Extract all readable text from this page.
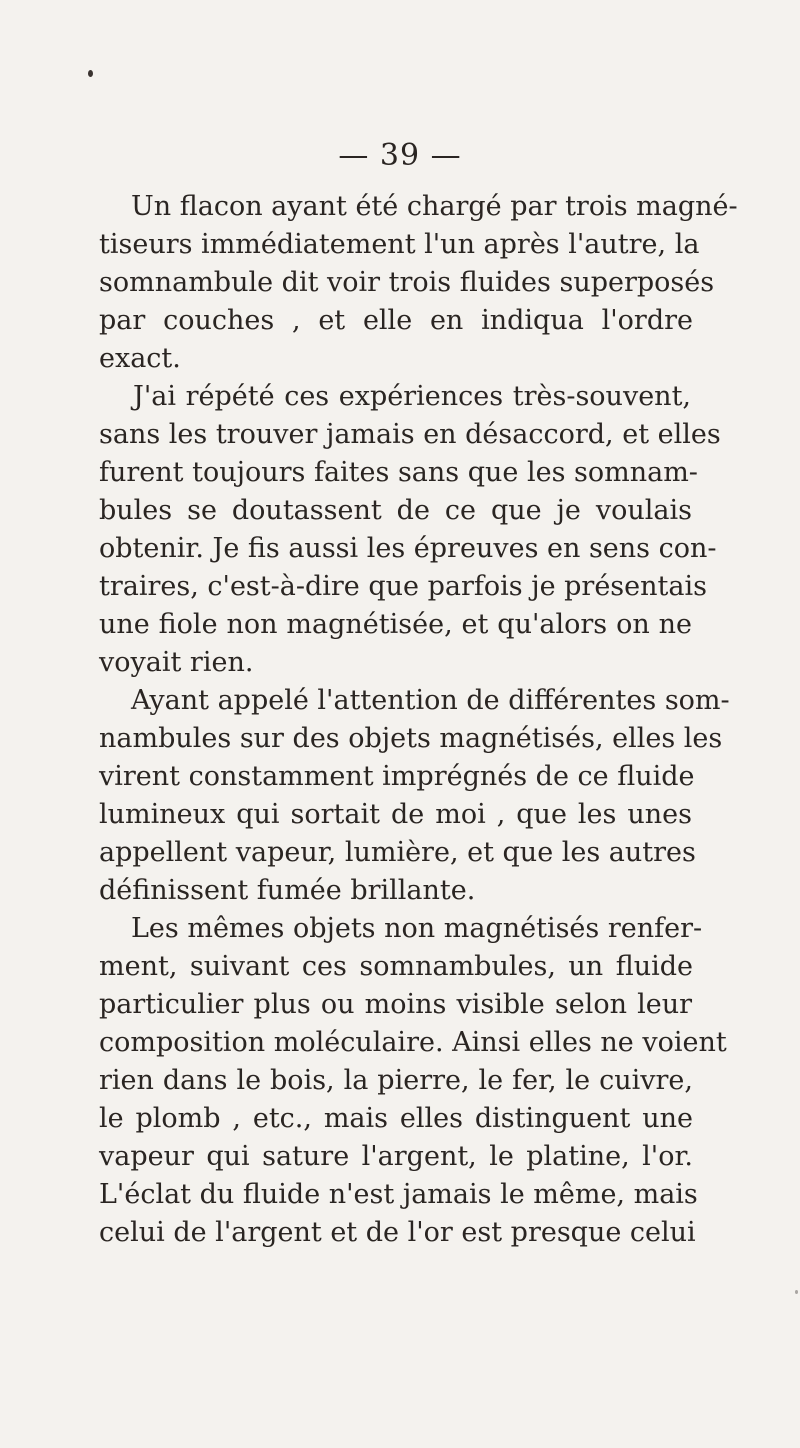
— 39 —
Un flacon ayant été chargé par trois magné-
tiseurs immédiatement l'un après l'autre, la
somnambule dit voir trois fluides superposés
par couches , et elle en indiqua l'ordre
exact.
J'ai répété ces expériences très-souvent,
sans les trouver jamais en désaccord, et elles
furent toujours faites sans que les somnam-
bules se doutassent de ce que je voulais
obtenir. Je fis aussi les épreuves en sens con-
traires, c'est-à-dire que parfois je présentais
une fiole non magnétisée, et qu'alors on ne
voyait rien.
Ayant appelé l'attention de différentes som-
nambules sur des objets magnétisés, elles les
virent constamment imprégnés de ce fluide
lumineux qui sortait de moi , que les unes
appellent vapeur, lumière, et que les autres
définissent fumée brillante.
Les mêmes objets non magnétisés renfer-
ment, suivant ces somnambules, un fluide
particulier plus ou moins visible selon leur
composition moléculaire. Ainsi elles ne voient
rien dans le bois, la pierre, le fer, le cuivre,
le plomb , etc., mais elles distinguent une
vapeur qui sature l'argent, le platine, l'or.
L'éclat du fluide n'est jamais le même, mais
celui de l'argent et de l'or est presque celui
